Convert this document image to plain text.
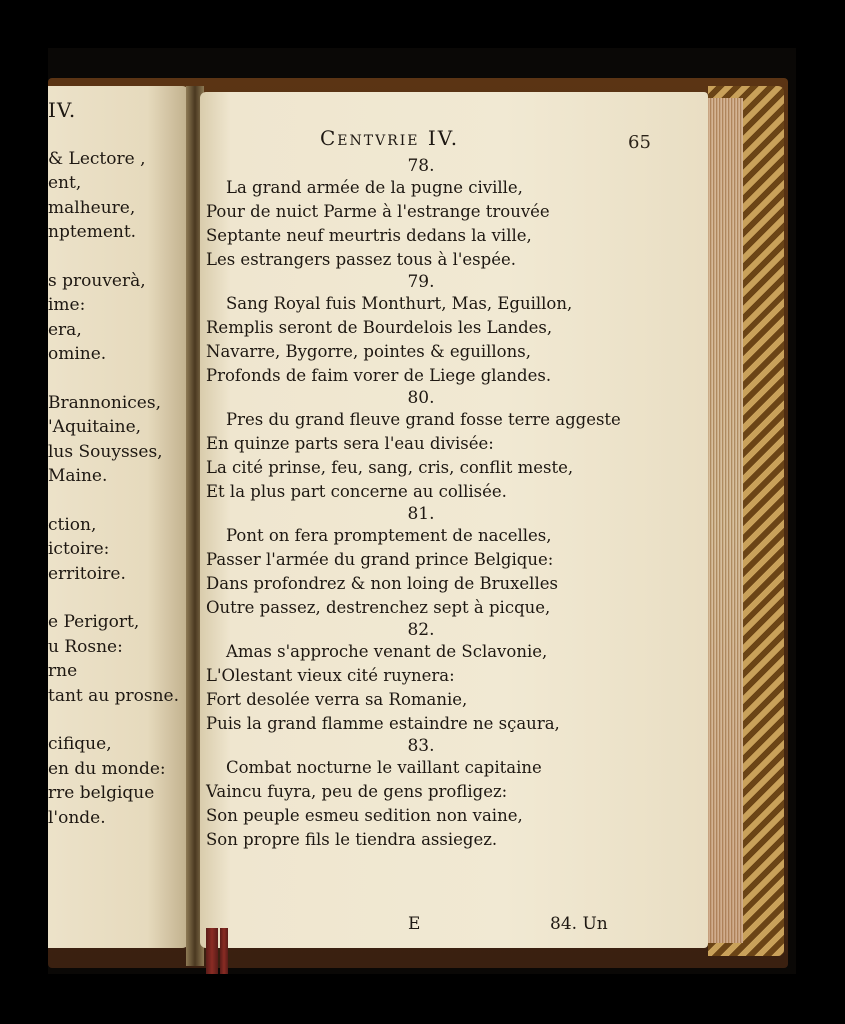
IV.
& Lectore ,
ent,
malheure,
nptement.
s prouverà,
ime:
era,
omine.
Brannonices,
'Aquitaine,
lus Souysses,
Maine.
ction,
ictoire:
erritoire.
e Perigort,
u Rosne:
rne
tant au prosne.
cifique,
en du monde:
rre belgique
l'onde.
Centvrie IV.	65
78.
La grand armée de la pugne civille,
Pour de nuict Parme à l'estrange trouvée
Septante neuf meurtris dedans la ville,
Les estrangers passez tous à l'espée.
79.
Sang Royal fuis Monthurt, Mas, Eguillon,
Remplis seront de Bourdelois les Landes,
Navarre, Bygorre, pointes & eguillons,
Profonds de faim vorer de Liege glandes.
80.
Pres du grand fleuve grand fosse terre aggeste
En quinze parts sera l'eau divisée:
La cité prinse, feu, sang, cris, conflit meste,
Et la plus part concerne au collisée.
81.
Pont on fera promptement de nacelles,
Passer l'armée du grand prince Belgique:
Dans profondrez & non loing de Bruxelles
Outre passez, destrenchez sept à picque,
82.
Amas s'approche venant de Sclavonie,
L'Olestant vieux cité ruynera:
Fort desolée verra sa Romanie,
Puis la grand flamme estaindre ne sçaura,
83.
Combat nocturne le vaillant capitaine
Vaincu fuyra, peu de gens profligez:
Son peuple esmeu sedition non vaine,
Son propre fils le tiendra assiegez.
E	84. Un
